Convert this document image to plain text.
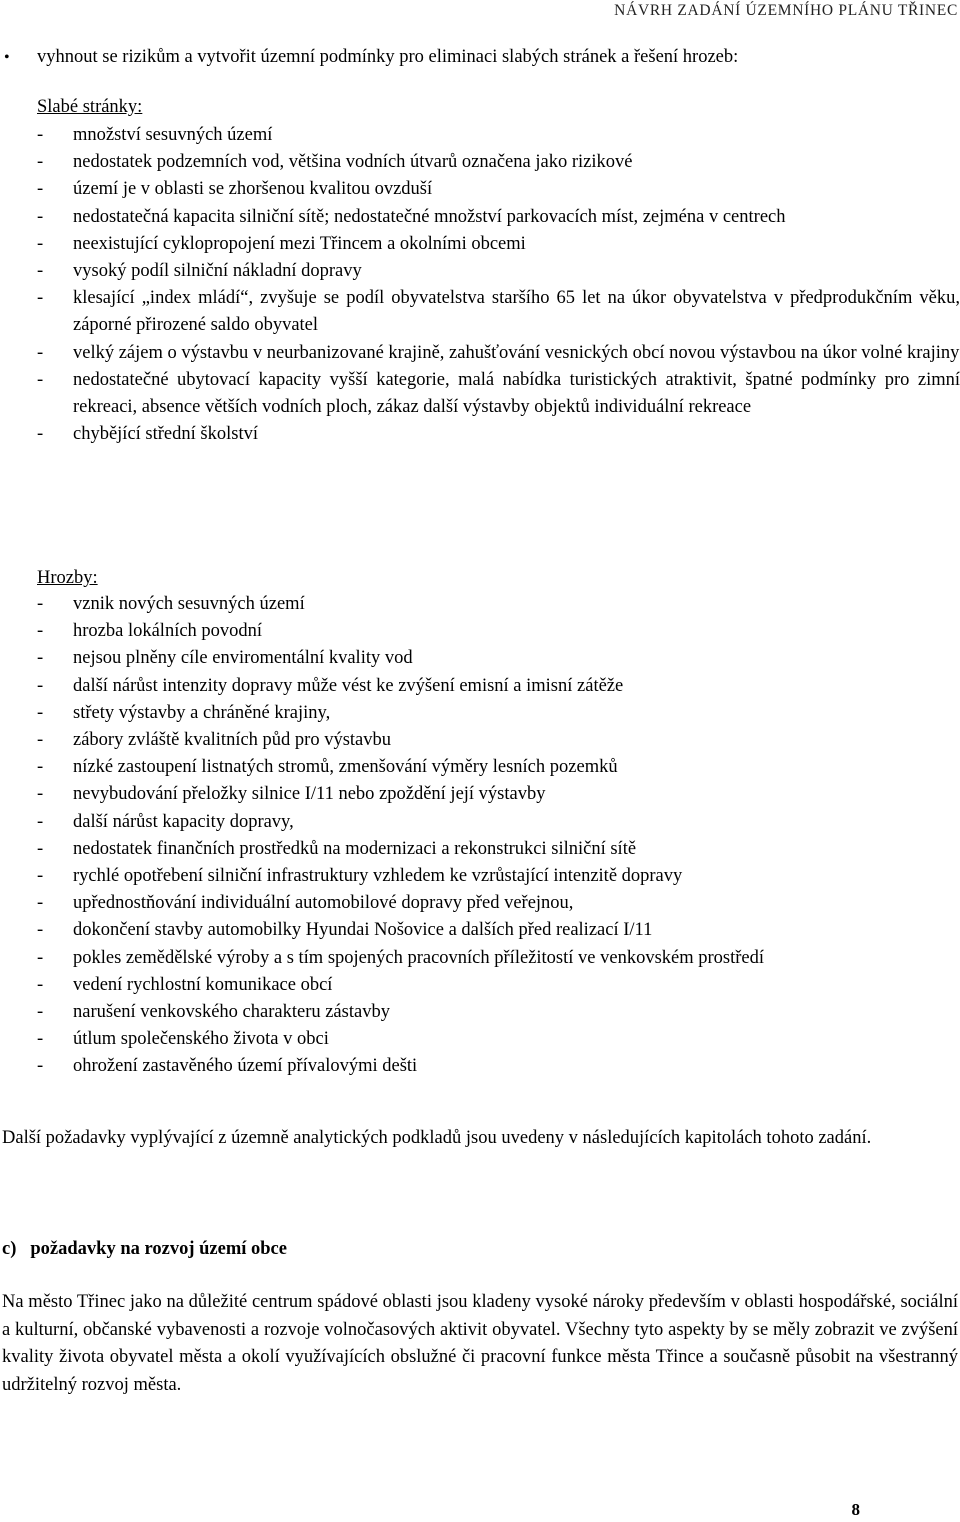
NÁVRH ZADÁNÍ ÚZEMNÍHO PLÁNU TŘINEC
•	vyhnout se rizikům a vytvořit územní podmínky pro eliminaci slabých stránek a řešení hrozeb:
Slabé stránky:
-	množství sesuvných území
-	nedostatek podzemních vod, většina vodních útvarů označena jako rizikové
-	území je v oblasti se zhoršenou kvalitou ovzduší
-	nedostatečná kapacita silniční sítě; nedostatečné množství parkovacích míst, zejména v centrech
-	neexistující cyklopropojení mezi Třincem a okolními obcemi
-	vysoký podíl silniční nákladní dopravy
-	klesající „index mládí“, zvyšuje se podíl obyvatelstva staršího 65 let na úkor obyvatelstva v předprodukčním věku, záporné přirozené saldo obyvatel
-	velký zájem o výstavbu v neurbanizované krajině, zahušťování vesnických obcí novou výstavbou na úkor volné krajiny
-	nedostatečné ubytovací kapacity vyšší kategorie, malá nabídka turistických atraktivit, špatné podmínky pro zimní rekreaci, absence větších vodních ploch, zákaz další výstavby objektů individuální rekreace
-	chybějící střední školství
Hrozby:
-	vznik nových sesuvných území
-	hrozba lokálních povodní
-	nejsou plněny cíle enviromentální kvality vod
-	další nárůst intenzity dopravy může vést ke zvýšení emisní a imisní zátěže
-	střety výstavby a chráněné krajiny,
-	zábory zvláště kvalitních půd pro výstavbu
-	nízké zastoupení listnatých stromů, zmenšování výměry lesních pozemků
-	nevybudování přeložky silnice I/11 nebo zpoždění její výstavby
-	další nárůst kapacity dopravy,
-	nedostatek finančních prostředků na modernizaci a rekonstrukci silniční sítě
-	rychlé opotřebení silniční infrastruktury vzhledem ke vzrůstající intenzitě dopravy
-	upřednostňování individuální automobilové dopravy před veřejnou,
-	dokončení stavby automobilky Hyundai Nošovice a dalších před realizací I/11
-	pokles zemědělské výroby a s tím spojených pracovních příležitostí ve venkovském prostředí
-	vedení rychlostní komunikace obcí
-	narušení venkovského charakteru zástavby
-	útlum společenského života v obci
-	ohrožení zastavěného území přívalovými dešti
Další požadavky vyplývající z územně analytických podkladů jsou uvedeny v následujících kapitolách tohoto zadání.
c) požadavky na rozvoj území obce
Na město Třinec jako na důležité centrum spádové oblasti jsou kladeny vysoké nároky především v oblasti hospodářské, sociální a kulturní, občanské vybavenosti a rozvoje volnočasových aktivit obyvatel. Všechny tyto aspekty by se měly zobrazit ve zvýšení kvality života obyvatel města a okolí využívajících obslužné či pracovní funkce města Třince a současně působit na všestranný udržitelný rozvoj města.
8
